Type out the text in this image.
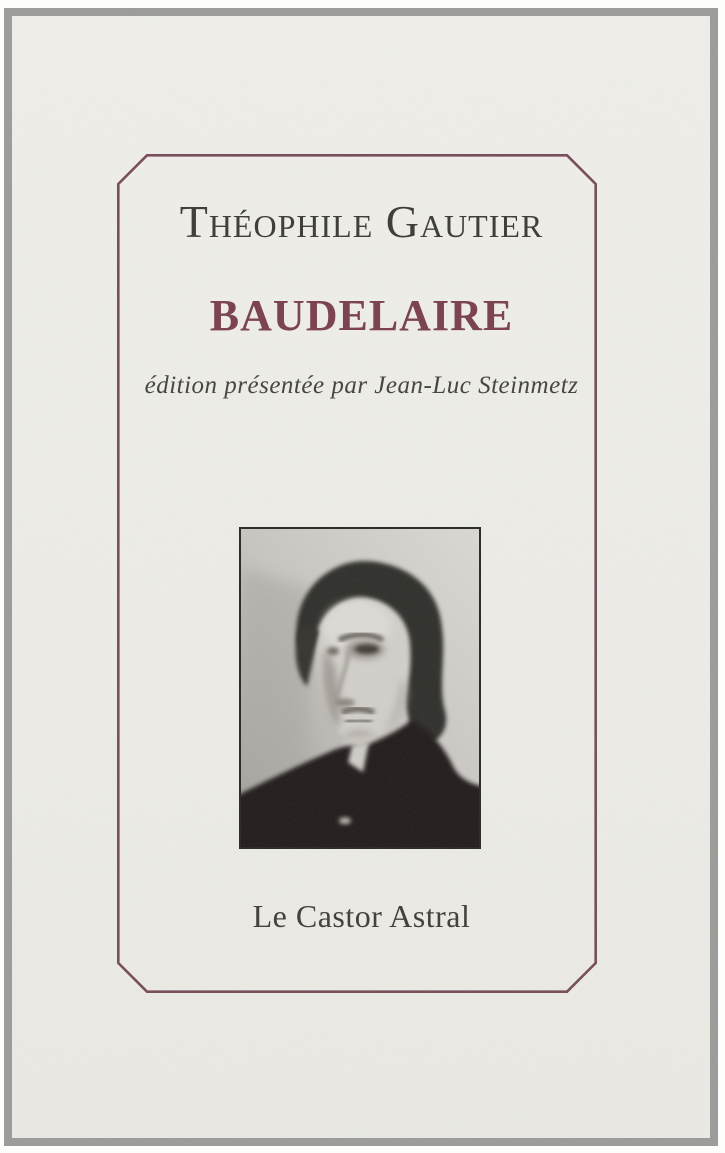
Théophile Gautier
BAUDELAIRE
édition présentée par Jean-Luc Steinmetz
Le Castor Astral
